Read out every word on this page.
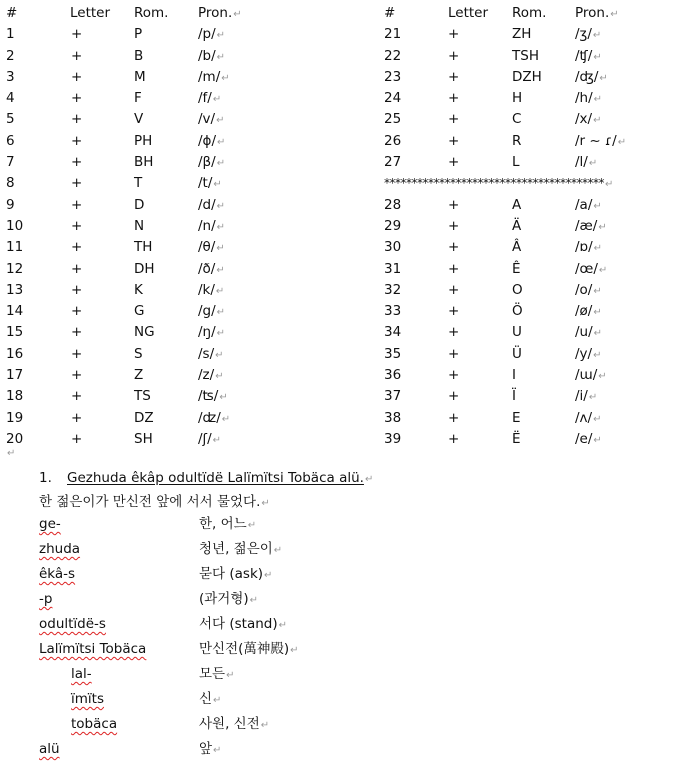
#	Letter Rom. Pron.↵
1	+	P	/p/↵
2	+	B	/b/↵
3	+	M	/m/↵
4	+	F	/f/↵
5	+	V	/v/↵
6	+	PH	/ɸ/↵
7	+	BH	/β/↵
8	+	T	/t/↵
9	+	D	/d/↵
10	+	N	/n/↵
11	+	TH	/θ/↵
12	+	DH	/ð/↵
13	+	K	/k/↵
14	+	G	/g/↵
15	+	NG	/ŋ/↵
16	+	S	/s/↵
17	+	Z	/z/↵
18	+	TS	/ʦ/↵
19	+	DZ	/ʣ/↵
20	+	SH	/ʃ/↵
#	Letter Rom. Pron.↵
21	+	ZH	/ʒ/↵
22	+	TSH	/ʧ/↵
23	+	DZH /ʤ/↵
24	+	H	/h/↵
25	+	C	/x/↵
26	+	R	/r ~ ɾ/↵
27	+	L	/l/↵
****************************************↵
28	+	A	/a/↵
29	+	Ä	/æ/↵
30	+	Â	/ɒ/↵
31	+	Ê	/œ/↵
32	+	O	/o/↵
33	+	Ö	/ø/↵
34	+	U	/u/↵
35	+	Ü	/y/↵
36	+	I	/ɯ/↵
37	+	Ï	/i/↵
38	+	E	/ʌ/↵
39	+	Ë	/e/↵
↵
1. Gezhuda êkâp odultïdë Lalïmïtsi Tobäca alü.↵
한 젊은이가 만신전 앞에 서서 물었다.↵
ge-	한, 어느↵
zhuda	청년, 젊은이↵
êkâ-s	묻다 (ask)↵
-p	(과거형)↵
odultïdë-s	서다 (stand)↵
Lalïmïtsi Tobäca	만신전(萬神殿)↵
lal-	모든↵
ïmïts	신↵
tobäca	사원, 신전↵
alü	앞↵
